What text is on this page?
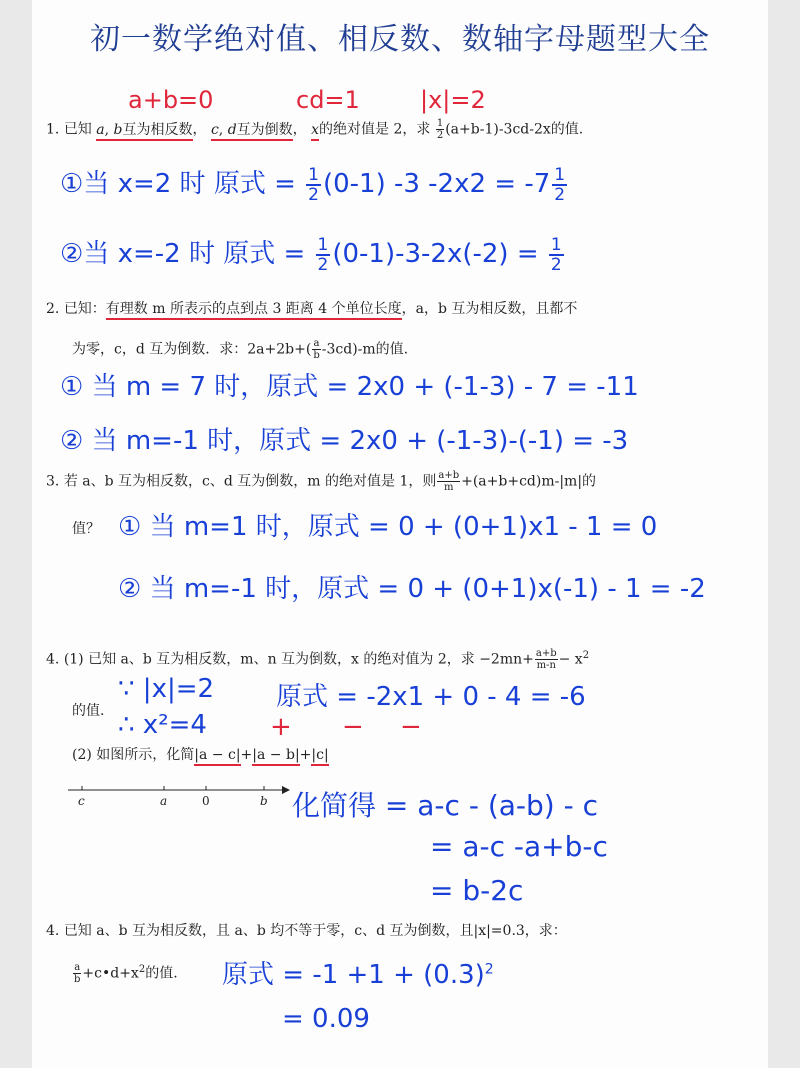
初一数学绝对值、相反数、数轴字母题型大全
a+b=0	cd=1	|x|=2
1. 已知 a, b互为相反数， c, d互为倒数， x的绝对值是 2，求 $\frac{1}{2} (a+b-1)-3cd-2x$的值.
①当 x=2 时 原式 = $\frac{1}{2} (0-1)$ -3 $-2x2 = -7 \frac{1}{2}$
②当 x=-2 时 原式 = $\frac{1}{2} (0-1)-3-2x(-2) = \frac{1}{2}$
2. 已知：有理数 m 所表示的点到点 3 距离 4 个单位长度，a，b 互为相反数，且都不
为零，c，d 互为倒数．求：$2a+2b+( \frac{a}{b} -3cd)-m$的值.
① 当 m = 7 时，原式 = 2x0 + (-1-3) - 7 = -11
② 当 m=-1 时，原式 = 2x0 + (-1-3)-(-1) = -3
3. 若 a、b 互为相反数，c、d 互为倒数，m 的绝对值是 1，则 $\frac{a+b}{m} +(a+b+cd)m-|m|$的
值？ ① 当 m=1 时，原式 = 0 + (0+1)x1 - 1 = 0
② 当 m=-1 时，原式 = 0 + (0+1)x(-1) - 1 = -2
4. (1) 已知 a、b 互为相反数，m、n 互为倒数，x 的绝对值为 2，求 $-2mn+ \frac{a+b}{m-n} - x^2$
的值.
∵ |x|=2
∴ x²=4
原式 = -2x1 + 0 - 4 = -6
+ − −
(2) 如图所示，化简|a − c|+|a − b|+|c|
c	a	0	b 化简得 = a-c - (a-b) - c
= a-c -a+b-c
= b-2c
4. 已知 a、b 互为相反数，且 a、b 均不等于零，c、d 互为倒数，且|x|=0.3，求：
$\frac{a}{b}$ $+c•d+x^2$的值. 原式 = $-1 +1 + (0.3)^2$
= 0.09
